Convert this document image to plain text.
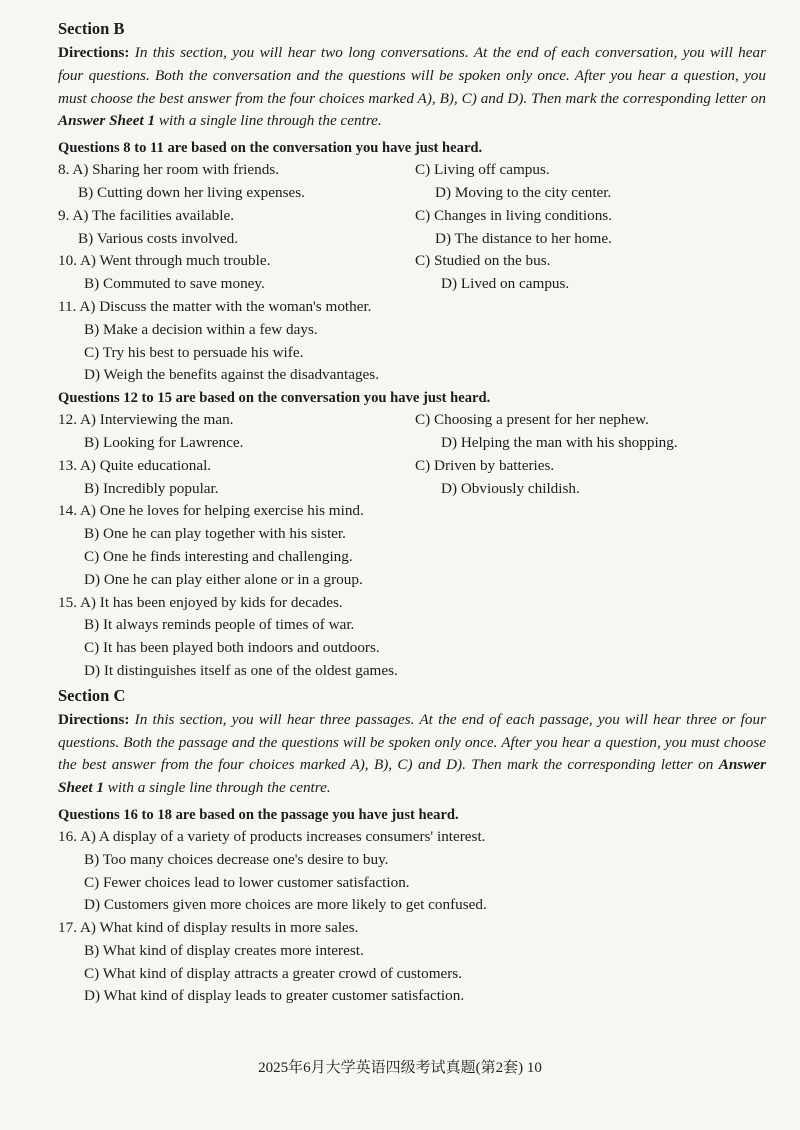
Section B

Directions: In this section, you will hear two long conversations. At the end of each conversation, you will hear four questions. Both the conversation and the questions will be spoken only once. After you hear a question, you must choose the best answer from the four choices marked A), B), C) and D). Then mark the corresponding letter on Answer Sheet 1 with a single line through the centre.

Questions 8 to 11 are based on the conversation you have just heard.

8. A) Sharing her room with friends.	C) Living off campus.
B) Cutting down her living expenses.	D) Moving to the city center.
9. A) The facilities available.	C) Changes in living conditions.
B) Various costs involved.	D) The distance to her home.
10. A) Went through much trouble.	C) Studied on the bus.
B) Commuted to save money.	D) Lived on campus.
11. A) Discuss the matter with the woman's mother.
B) Make a decision within a few days.
C) Try his best to persuade his wife.
D) Weigh the benefits against the disadvantages.

Questions 12 to 15 are based on the conversation you have just heard.

12. A) Interviewing the man.	C) Choosing a present for her nephew.
B) Looking for Lawrence.	D) Helping the man with his shopping.
13. A) Quite educational.	C) Driven by batteries.
B) Incredibly popular.	D) Obviously childish.
14. A) One he loves for helping exercise his mind.
B) One he can play together with his sister.
C) One he finds interesting and challenging.
D) One he can play either alone or in a group.
15. A) It has been enjoyed by kids for decades.
B) It always reminds people of times of war.
C) It has been played both indoors and outdoors.
D) It distinguishes itself as one of the oldest games.

Section C

Directions: In this section, you will hear three passages. At the end of each passage, you will hear three or four questions. Both the passage and the questions will be spoken only once. After you hear a question, you must choose the best answer from the four choices marked A), B), C) and D). Then mark the corresponding letter on Answer Sheet 1 with a single line through the centre.

Questions 16 to 18 are based on the passage you have just heard.

16. A) A display of a variety of products increases consumers' interest.
B) Too many choices decrease one's desire to buy.
C) Fewer choices lead to lower customer satisfaction.
D) Customers given more choices are more likely to get confused.
17. A) What kind of display results in more sales.
B) What kind of display creates more interest.
C) What kind of display attracts a greater crowd of customers.
D) What kind of display leads to greater customer satisfaction.
2025年6月大学英语四级考试真题(第2套) 10
